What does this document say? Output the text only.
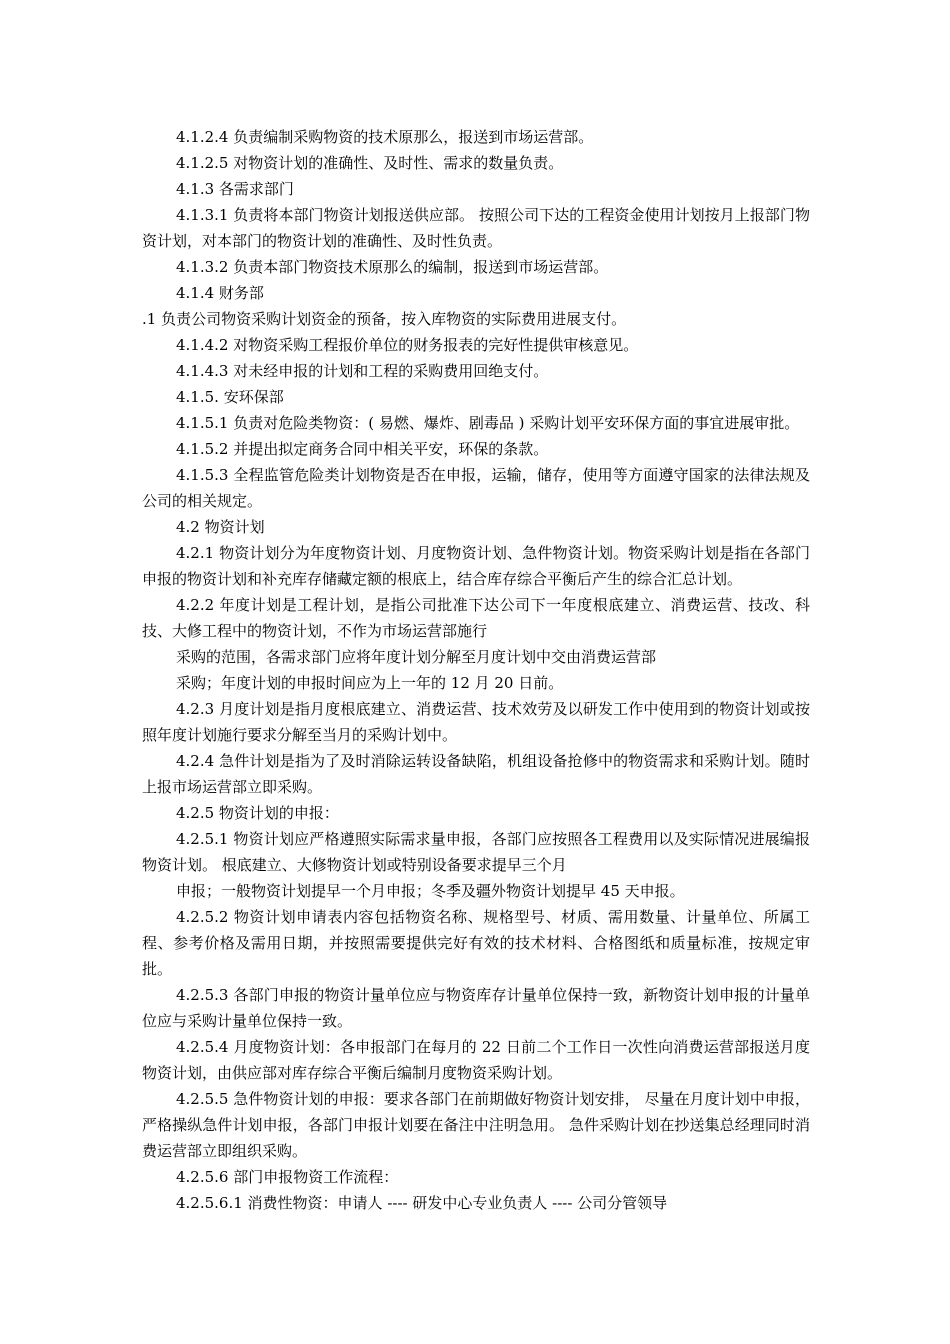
4.1.2.4 负责编制采购物资的技术原那么，报送到市场运营部。

4.1.2.5 对物资计划的准确性、及时性、需求的数量负责。

4.1.3 各需求部门

4.1.3.1 负责将本部门物资计划报送供应部。 按照公司下达的工程资金使用计划按月上报部门物资计划，对本部门的物资计划的准确性、及时性负责。

4.1.3.2 负责本部门物资技术原那么的编制，报送到市场运营部。

4.1.4 财务部

.1 负责公司物资采购计划资金的预备，按入库物资的实际费用进展支付。

4.1.4.2 对物资采购工程报价单位的财务报表的完好性提供审核意见。

4.1.4.3 对未经申报的计划和工程的采购费用回绝支付。

4.1.5. 安环保部

4.1.5.1 负责对危险类物资：( 易燃、爆炸、剧毒品 ) 采购计划平安环保方面的事宜进展审批。

4.1.5.2 并提出拟定商务合同中相关平安，环保的条款。

4.1.5.3 全程监管危险类计划物资是否在申报，运输，储存，使用等方面遵守国家的法律法规及公司的相关规定。

4.2 物资计划

4.2.1 物资计划分为年度物资计划、月度物资计划、急件物资计划。物资采购计划是指在各部门申报的物资计划和补充库存储藏定额的根底上，结合库存综合平衡后产生的综合汇总计划。

4.2.2 年度计划是工程计划，是指公司批准下达公司下一年度根底建立、消费运营、技改、科技、大修工程中的物资计划，不作为市场运营部施行

采购的范围，各需求部门应将年度计划分解至月度计划中交由消费运营部

采购；年度计划的申报时间应为上一年的 12 月 20 日前。

4.2.3 月度计划是指月度根底建立、消费运营、技术效劳及以研发工作中使用到的物资计划或按照年度计划施行要求分解至当月的采购计划中。

4.2.4 急件计划是指为了及时消除运转设备缺陷，机组设备抢修中的物资需求和采购计划。随时上报市场运营部立即采购。

4.2.5 物资计划的申报：

4.2.5.1 物资计划应严格遵照实际需求量申报，各部门应按照各工程费用以及实际情况进展编报物资计划。 根底建立、大修物资计划或特别设备要求提早三个月

申报；一般物资计划提早一个月申报；冬季及疆外物资计划提早 45 天申报。

4.2.5.2 物资计划申请表内容包括物资名称、规格型号、材质、需用数量、计量单位、所属工程、参考价格及需用日期，并按照需要提供完好有效的技术材料、合格图纸和质量标准，按规定审批。

4.2.5.3 各部门申报的物资计量单位应与物资库存计量单位保持一致，新物资计划申报的计量单位应与采购计量单位保持一致。

4.2.5.4 月度物资计划：各申报部门在每月的 22 日前二个工作日一次性向消费运营部报送月度物资计划，由供应部对库存综合平衡后编制月度物资采购计划。

4.2.5.5 急件物资计划的申报：要求各部门在前期做好物资计划安排， 尽量在月度计划中申报， 严格操纵急件计划申报，各部门申报计划要在备注中注明急用。 急件采购计划在抄送集总经理同时消费运营部立即组织采购。

4.2.5.6 部门申报物资工作流程：

4.2.5.6.1 消费性物资：申请人 ---- 研发中心专业负责人 ---- 公司分管领导
